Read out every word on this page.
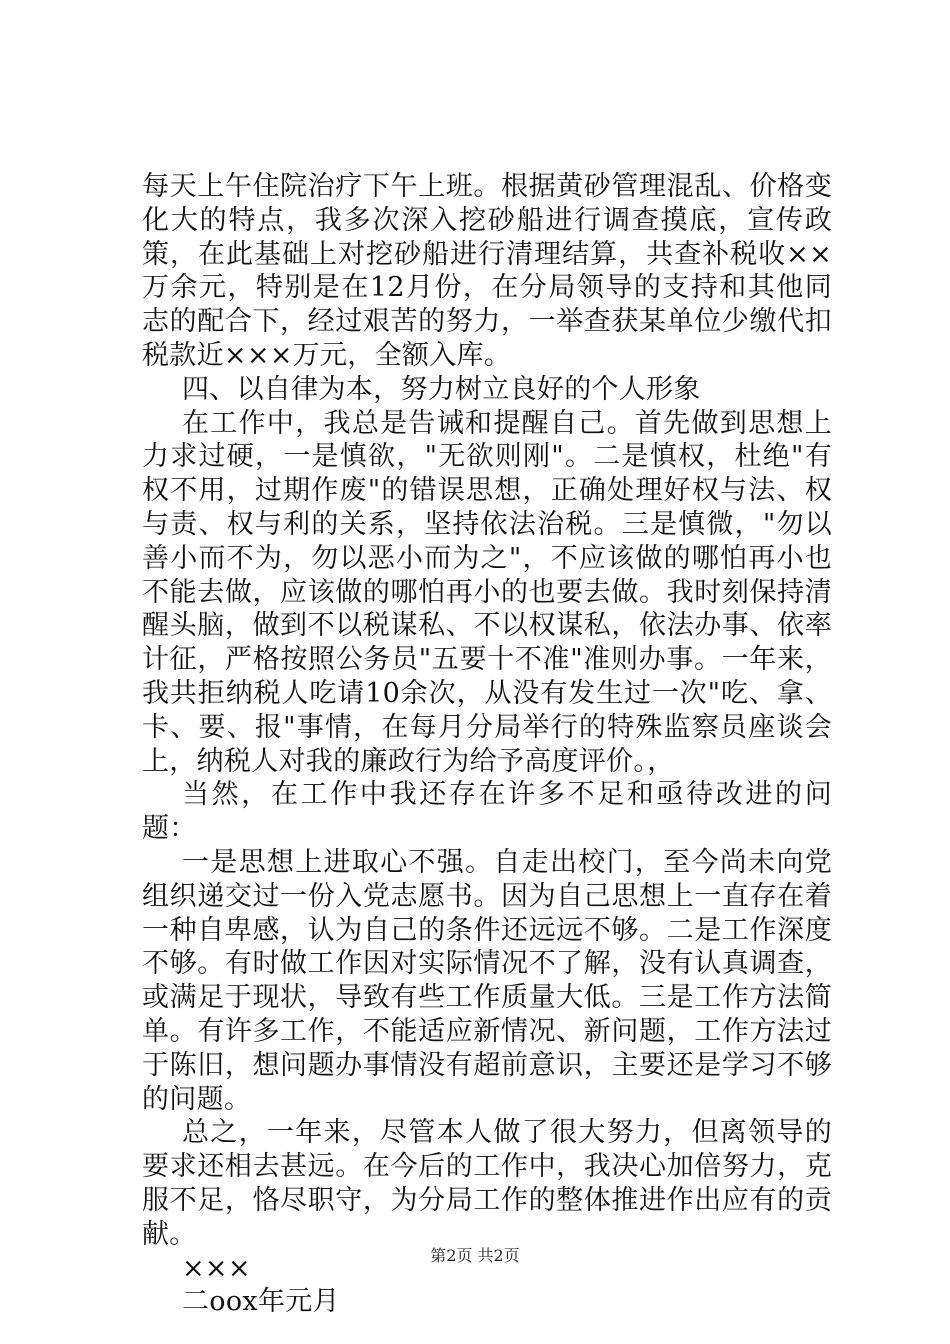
每天上午住院治疗下午上班。根据黄砂管理混乱、价格变化大的特点，我多次深入挖砂船进行调查摸底，宣传政策，在此基础上对挖砂船进行清理结算，共查补税收××万余元，特别是在12月份，在分局领导的支持和其他同志的配合下，经过艰苦的努力，一举查获某单位少缴代扣税款近×××万元，全额入库。

四、以自律为本，努力树立良好的个人形象

在工作中，我总是告诫和提醒自己。首先做到思想上力求过硬，一是慎欲，"无欲则刚"。二是慎权，杜绝"有权不用，过期作废"的错误思想，正确处理好权与法、权与责、权与利的关系，坚持依法治税。三是慎微，"勿以善小而不为，勿以恶小而为之"，不应该做的哪怕再小也不能去做，应该做的哪怕再小的也要去做。我时刻保持清醒头脑，做到不以税谋私、不以权谋私，依法办事、依率计征，严格按照公务员"五要十不准"准则办事。一年来，我共拒纳税人吃请10余次，从没有发生过一次"吃、拿、卡、要、报"事情，在每月分局举行的特殊监察员座谈会上，纳税人对我的廉政行为给予高度评价。，

当然，在工作中我还存在许多不足和亟待改进的问题：

一是思想上进取心不强。自走出校门，至今尚未向党组织递交过一份入党志愿书。因为自己思想上一直存在着一种自卑感，认为自己的条件还远远不够。二是工作深度不够。有时做工作因对实际情况不了解，没有认真调查，或满足于现状，导致有些工作质量大低。三是工作方法简单。有许多工作，不能适应新情况、新问题，工作方法过于陈旧，想问题办事情没有超前意识，主要还是学习不够的问题。

总之，一年来，尽管本人做了很大努力，但离领导的要求还相去甚远。在今后的工作中，我决心加倍努力，克服不足，恪尽职守，为分局工作的整体推进作出应有的贡献。

×××

二oox年元月

第2页 共2页
